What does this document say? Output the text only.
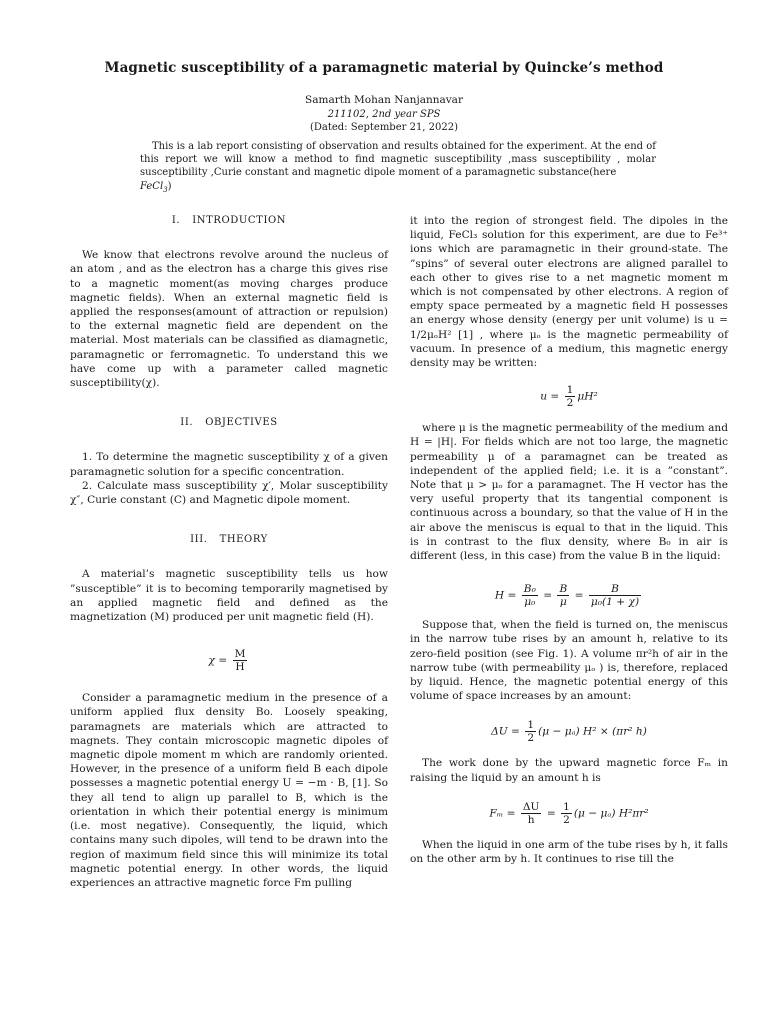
Magnetic susceptibility of a paramagnetic material by Quincke’s method
Samarth Mohan Nanjannavar
211102, 2nd year SPS
(Dated: September 21, 2022)
This is a lab report consisting of observation and results obtained for the experiment. At the end of this report we will know a method to find magnetic susceptibility ,mass susceptibility , molar susceptibility ,Curie constant and magnetic dipole moment of a paramagnetic substance(here
FeCl$_3$)
I. INTRODUCTION

We know that electrons revolve around the nucleus of an atom , and as the electron has a charge this gives rise to a magnetic moment(as moving charges produce magnetic fields). When an external magnetic field is applied the responses(amount of attraction or repulsion) to the external magnetic field are dependent on the material. Most materials can be classified as diamagnetic, paramagnetic or ferromagnetic. To understand this we have come up with a parameter called magnetic susceptibility(χ).

II. OBJECTIVES

1. To determine the magnetic susceptibility χ of a given paramagnetic solution for a specific concentration.

2. Calculate mass susceptibility χ′, Molar susceptibility χ″, Curie constant (C) and Magnetic dipole moment.

III. THEORY

A material’s magnetic susceptibility tells us how ”susceptible” it is to becoming temporarily magnetised by an applied magnetic field and defined as the magnetization (M) produced per unit magnetic field (H).

$\chi = \frac{M}{H}$

Consider a paramagnetic medium in the presence of a uniform applied flux density Bo. Loosely speaking, paramagnets are materials which are attracted to magnets. They contain microscopic magnetic dipoles of magnetic dipole moment m which are randomly oriented. However, in the presence of a uniform field B each dipole possesses a magnetic potential energy U = −m · B, [1]. So they all tend to align up parallel to B, which is the orientation in which their potential energy is minimum (i.e. most negative). Consequently, the liquid, which contains many such dipoles, will tend to be drawn into the region of maximum field since this will minimize its total magnetic potential energy. In other words, the liquid experiences an attractive magnetic force Fm pulling

it into the region of strongest field. The dipoles in the liquid, FeCl₃ solution for this experiment, are due to Fe³⁺ ions which are paramagnetic in their ground-state. The ”spins” of several outer electrons are aligned parallel to each other to gives rise to a net magnetic moment m which is not compensated by other electrons. A region of empty space permeated by a magnetic field H possesses an energy whose density (energy per unit volume) is u = 1/2μₒH² [1] , where μₒ is the magnetic permeability of vacuum. In presence of a medium, this magnetic energy density may be written:

$u = \frac{1}{2} \mu H^2$

where μ is the magnetic permeability of the medium and H = |H|. For fields which are not too large, the magnetic permeability μ of a paramagnet can be treated as independent of the applied field; i.e. it is a ”constant”. Note that μ > μₒ for a paramagnet. The H vector has the very useful property that its tangential component is continuous across a boundary, so that the value of H in the air above the meniscus is equal to that in the liquid. This is in contrast to the flux density, where B₀ in air is different (less, in this case) from the value B in the liquid:

$H = \frac{\text{B₀}}{\text{μ₀}} = \frac{B}{\mu} = \frac{B}{\text{μ₀(1 + χ)}}$

Suppose that, when the field is turned on, the meniscus in the narrow tube rises by an amount h, relative to its zero-field position (see Fig. 1). A volume πr²h of air in the narrow tube (with permeability μₒ ) is, therefore, replaced by liquid. Hence, the magnetic potential energy of this volume of space increases by an amount:

$\Delta U = \frac{1}{2} (\mu - \mu_a) H^2 \times (\pi r^2$ h)

The work done by the upward magnetic force Fₘ in raising the liquid by an amount h is

$F_m = \frac{\Delta U}{h} = \frac{1}{2} (\mu - \mu_a)$ H²πr²

When the liquid in one arm of the tube rises by h, it falls on the other arm by h. It continues to rise till the
